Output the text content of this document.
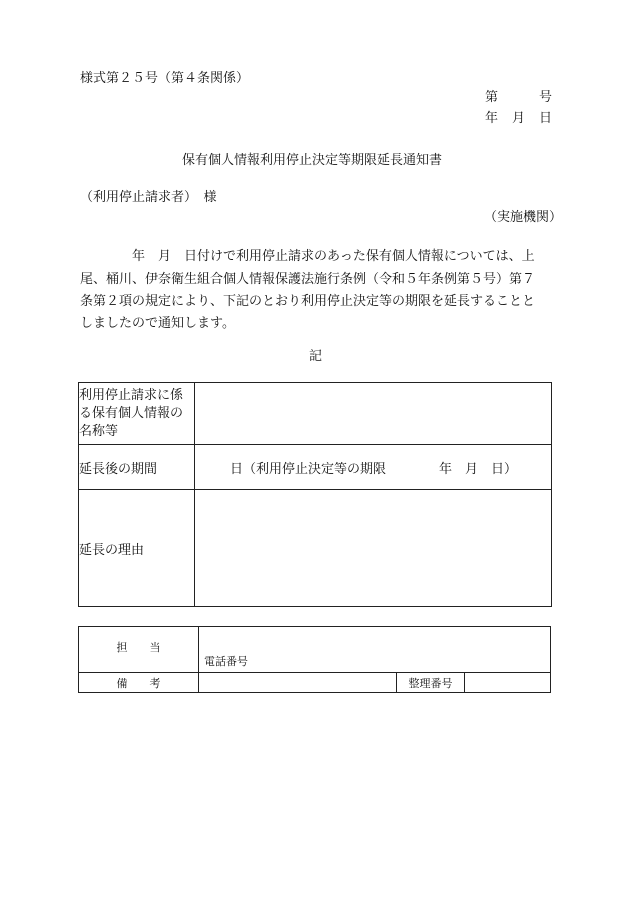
様式第２５号（第４条関係）
第	号
年 月 日
保有個人情報利用停止決定等期限延長通知書
（利用停止請求者）　様
（実施機関）
　　　　年　月　日付けで利用停止請求のあった保有個人情報については、上
尾、桶川、伊奈衛生組合個人情報保護法施行条例（令和５年条例第５号）第７
条第２項の規定により、下記のとおり利用停止決定等の期限を延長することと
しましたので通知します。
記
利用停止請求に係
る保有個人情報の
名称等	

延長後の期間	日（利用停止決定等の期限 年　月　日）

延長の理由	
担　　当	電話番号		

備　　考		整理番号	
